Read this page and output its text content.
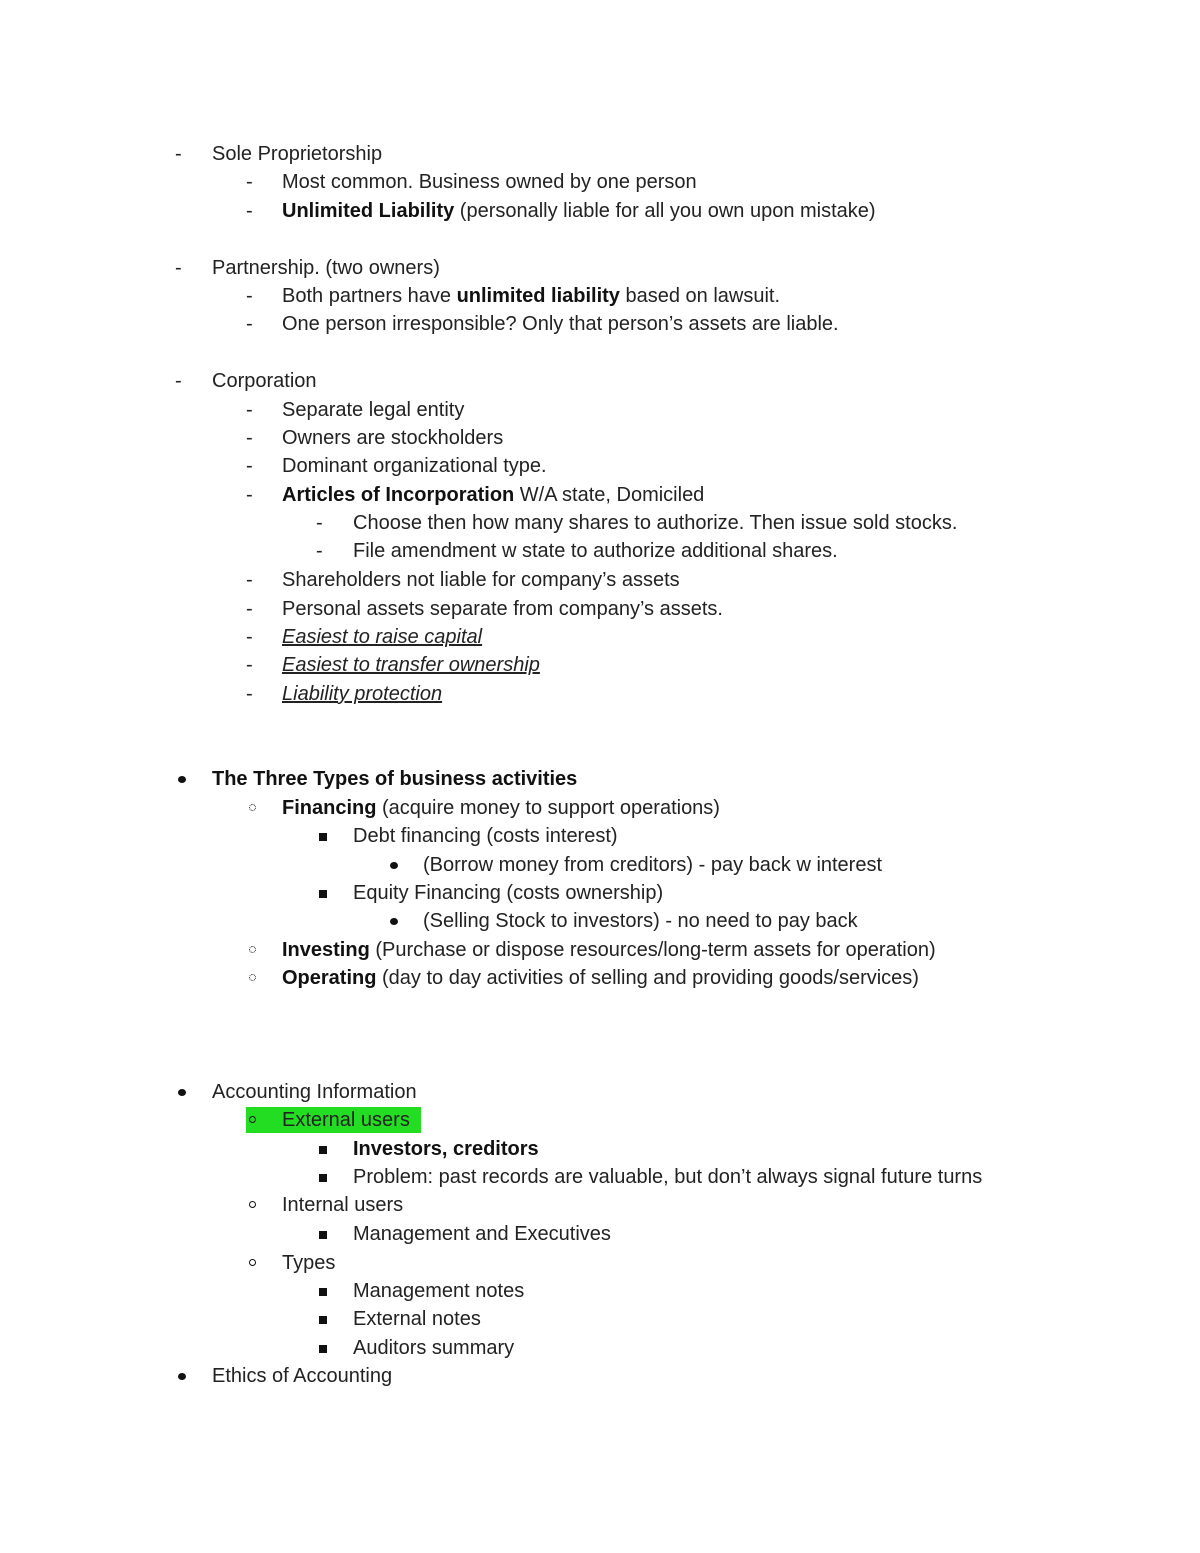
-	Sole Proprietorship
-	Most common. Business owned by one person
-	Unlimited Liability (personally liable for all you own upon mistake)
-	Partnership. (two owners)
-	Both partners have unlimited liability based on lawsuit.
-	One person irresponsible? Only that person’s assets are liable.
-	Corporation
-	Separate legal entity
-	Owners are stockholders
-	Dominant organizational type.
-	Articles of Incorporation W/A state, Domiciled
-	Choose then how many shares to authorize. Then issue sold stocks.
-	File amendment w state to authorize additional shares.
-	Shareholders not liable for company’s assets
-	Personal assets separate from company’s assets.
-	Easiest to raise capital
-	Easiest to transfer ownership
-	Liability protection
The Three Types of business activities
Financing (acquire money to support operations)
Debt financing (costs interest)
(Borrow money from creditors) - pay back w interest
Equity Financing (costs ownership)
(Selling Stock to investors) - no need to pay back
Investing (Purchase or dispose resources/long-term assets for operation)
Operating (day to day activities of selling and providing goods/services)
Accounting Information
External users
Investors, creditors
Problem: past records are valuable, but don’t always signal future turns
Internal users
Management and Executives
Types
Management notes
External notes
Auditors summary
Ethics of Accounting
